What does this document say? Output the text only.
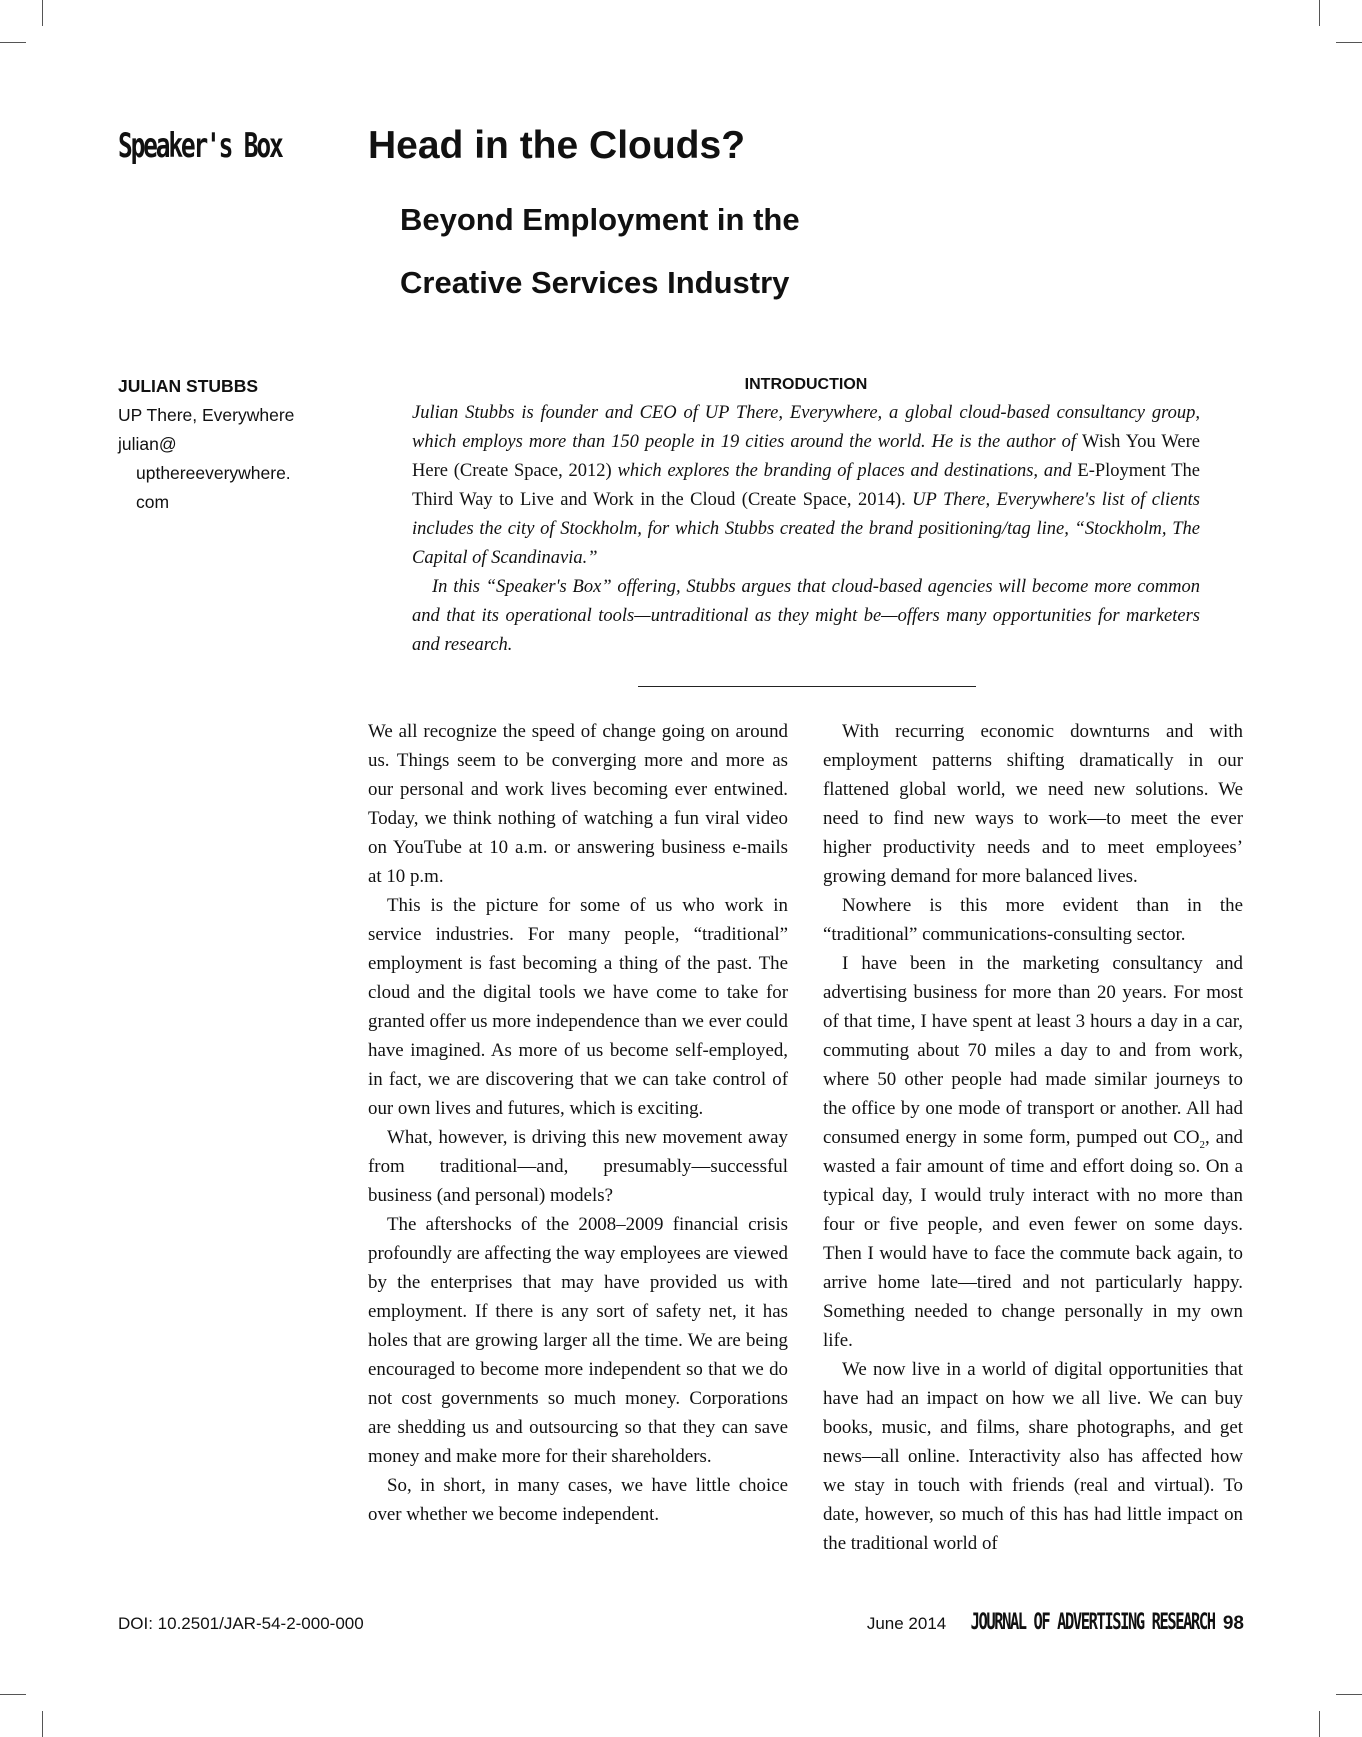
Speaker's Box Head in the Clouds?
Beyond Employment in the
Creative Services Industry
JULIAN STUBBS
UP There, Everywhere
julian@
upthereeverywhere.
com
INTRODUCTION

Julian Stubbs is founder and CEO of UP There, Everywhere, a global cloud-based consultancy group, which employs more than 150 people in 19 cities around the world. He is the author of Wish You Were Here (Create Space, 2012) which explores the branding of places and destinations, and E-Ployment The Third Way to Live and Work in the Cloud (Create Space, 2014). UP There, Everywhere's list of clients includes the city of Stockholm, for which Stubbs created the brand positioning/tag line, “Stockholm, The Capital of Scandinavia.”

In this “Speaker's Box” offering, Stubbs argues that cloud-based agencies will become more common and that its operational tools—untraditional as they might be—offers many opportunities for marketers and research.

We all recognize the speed of change going on around us. Things seem to be converging more and more as our personal and work lives becoming ever entwined. Today, we think nothing of watching a fun viral video on YouTube at 10 a.m. or answering business e-mails at 10 p.m.

This is the picture for some of us who work in service industries. For many people, “traditional” employment is fast becoming a thing of the past. The cloud and the digital tools we have come to take for granted offer us more independence than we ever could have imagined. As more of us become self-employed, in fact, we are discovering that we can take control of our own lives and futures, which is exciting.

What, however, is driving this new movement away from traditional—and, presumably—successful business (and personal) models?

The aftershocks of the 2008–2009 financial crisis profoundly are affecting the way employees are viewed by the enterprises that may have provided us with employment. If there is any sort of safety net, it has holes that are growing larger all the time. We are being encouraged to become more independent so that we do not cost governments so much money. Corporations are shedding us and outsourcing so that they can save money and make more for their shareholders.

So, in short, in many cases, we have little choice over whether we become independent.

With recurring economic downturns and with employment patterns shifting dramatically in our flattened global world, we need new solutions. We need to find new ways to work—to meet the ever higher productivity needs and to meet employees’ growing demand for more balanced lives.

Nowhere is this more evident than in the “traditional” communications-consulting sector.

I have been in the marketing consultancy and advertising business for more than 20 years. For most of that time, I have spent at least 3 hours a day in a car, commuting about 70 miles a day to and from work, where 50 other people had made similar journeys to the office by one mode of transport or another. All had consumed energy in some form, pumped out $CO_2$, and wasted a fair amount of time and effort doing so. On a typical day, I would truly interact with no more than four or five people, and even fewer on some days. Then I would have to face the commute back again, to arrive home late—tired and not particularly happy. Something needed to change personally in my own life.

We now live in a world of digital opportunities that have had an impact on how we all live. We can buy books, music, and films, share photographs, and get news—all online. Interactivity also has affected how we stay in touch with friends (real and virtual). To date, however, so much of this has had little impact on the traditional world of

DOI: 10.2501/JAR-54-2-000-000	June 2014 JOURNAL OF ADVERTISING RESEARCH 98
